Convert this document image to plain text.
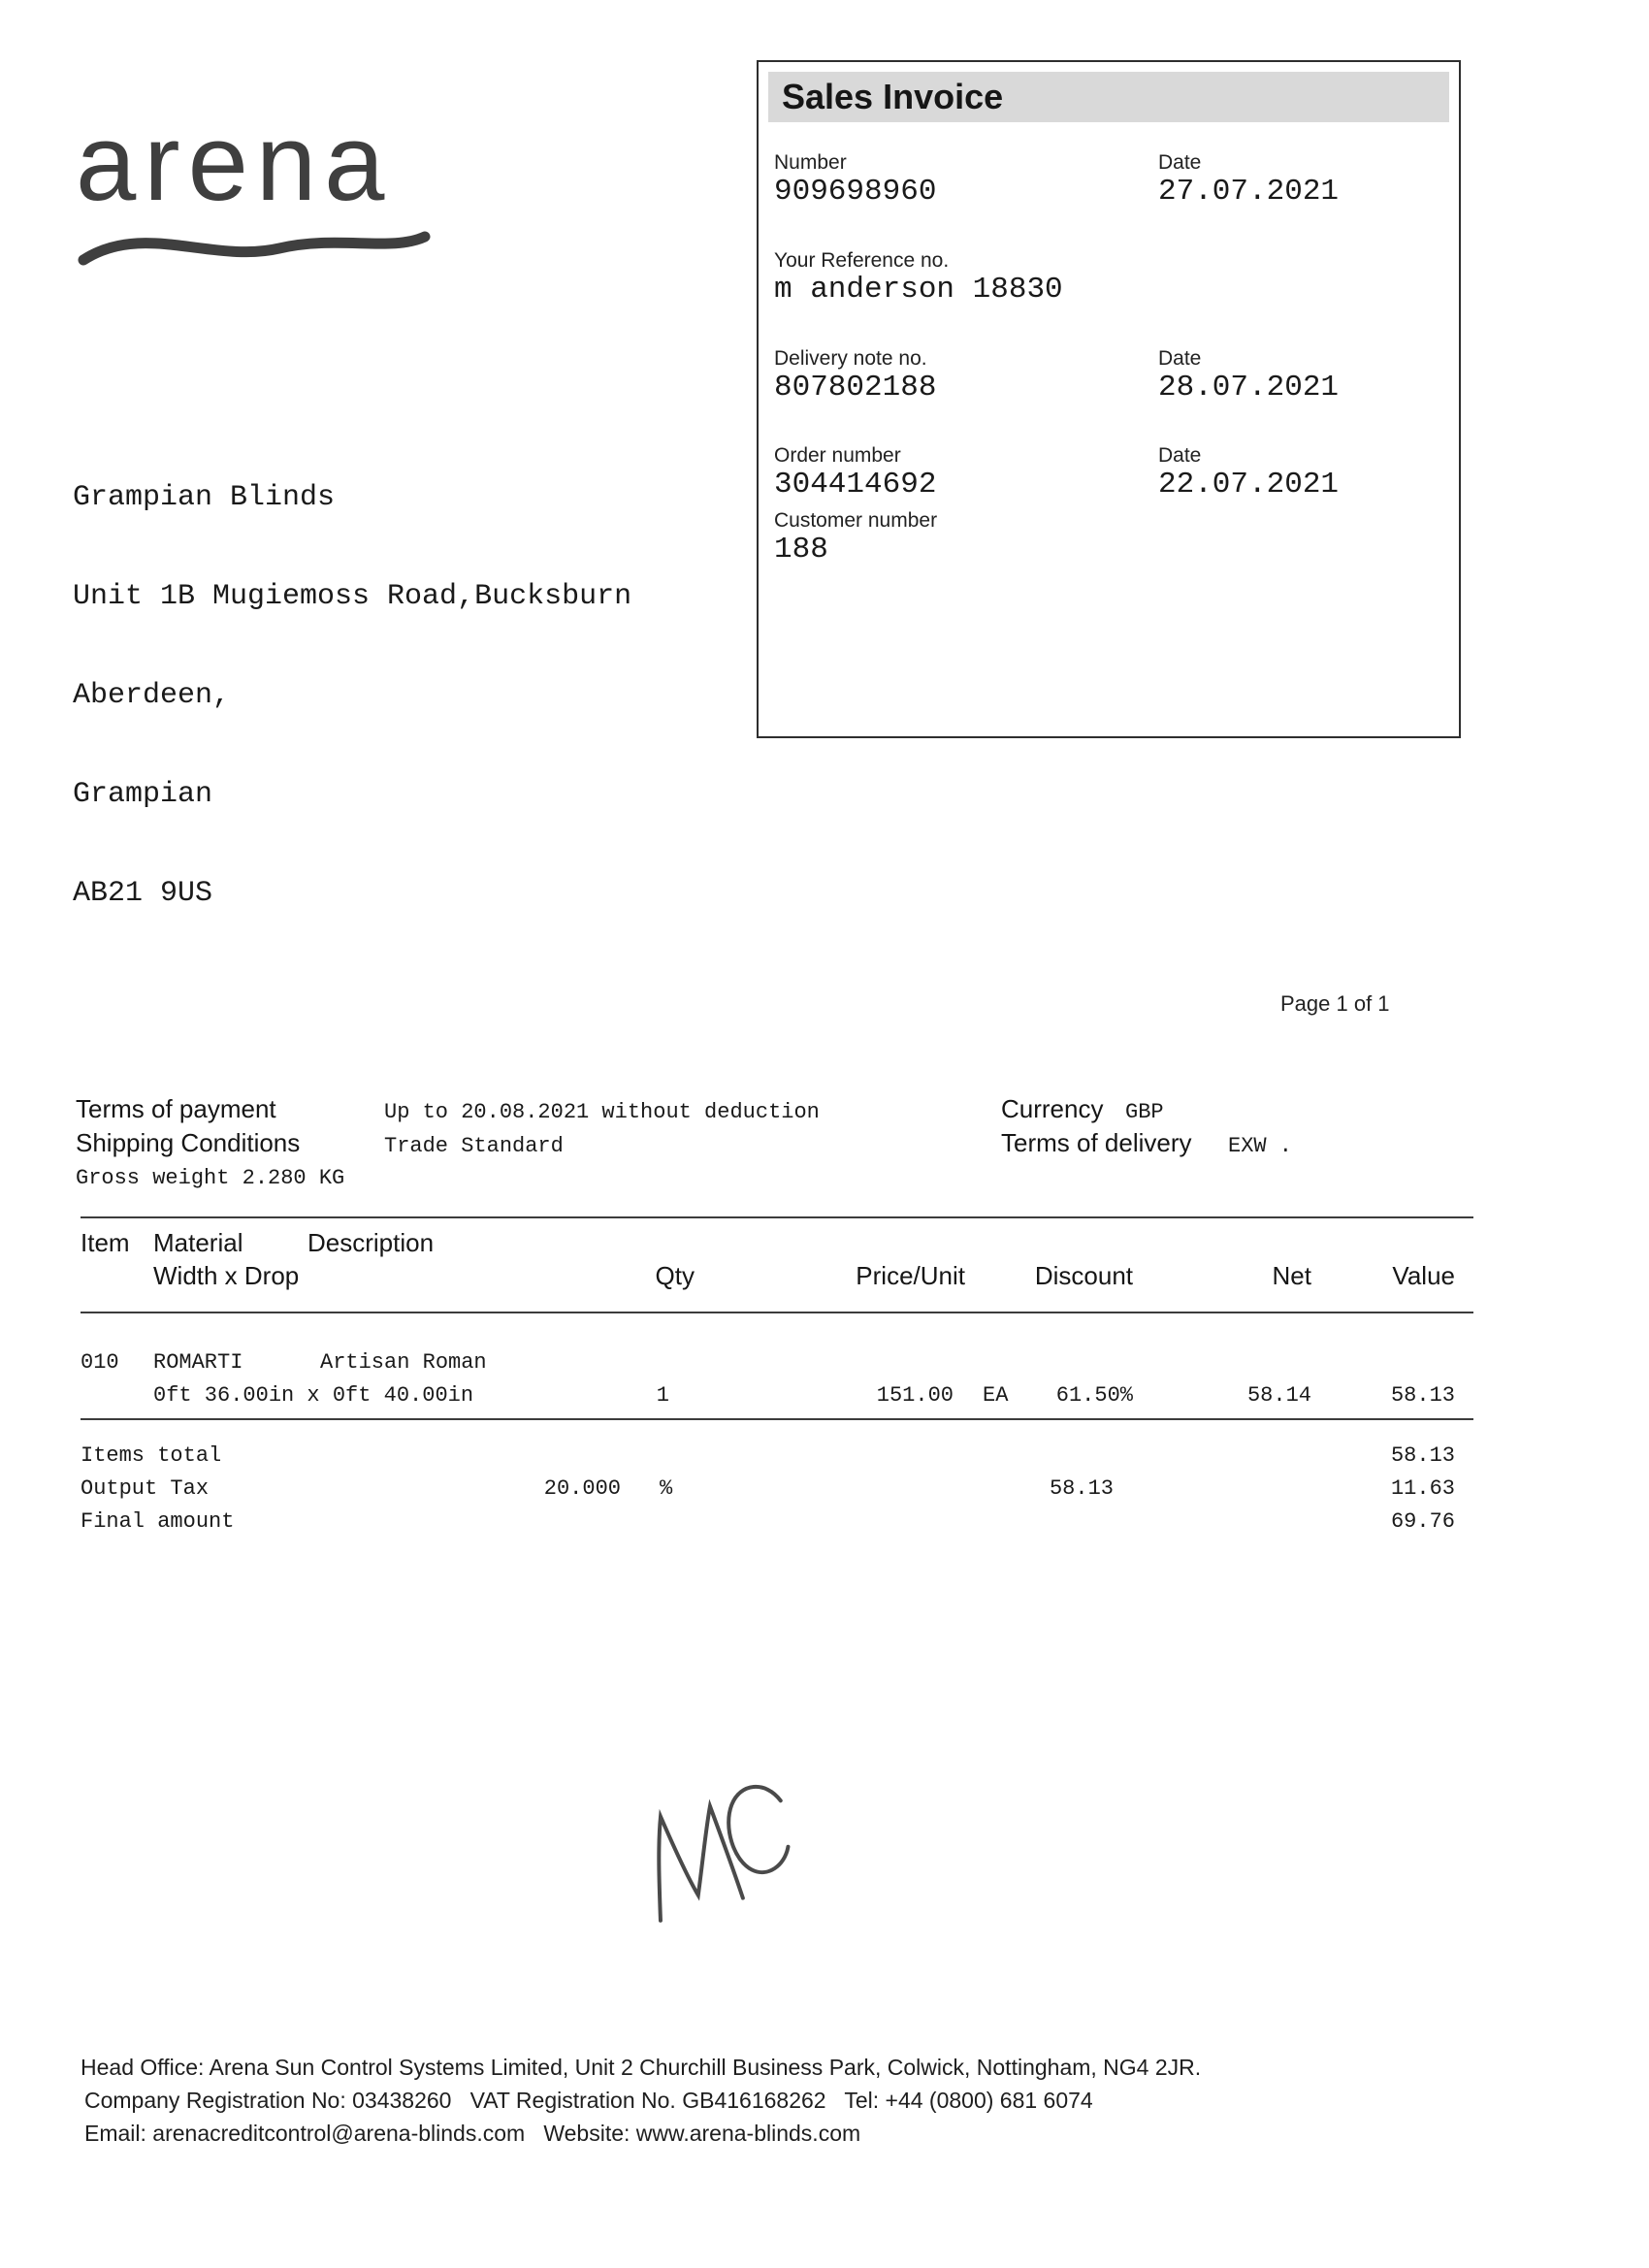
arena
Sales Invoice
Number
909698960
Date
27.07.2021
Your Reference no.
m anderson 18830
Delivery note no.
807802188
Date
28.07.2021
Order number
304414692
Date
22.07.2021
Customer number
188

Grampian Blinds

Unit 1B Mugiemoss Road,Bucksburn

Aberdeen,

Grampian

AB21 9US

Page 1 of 1
Terms of payment	Up to 20.08.2021 without deduction
Shipping Conditions	Trade Standard
Gross weight 2.280 KG
Currency GBP
Terms of delivery EXW .
Item Material	Description
Width x Drop	Qty	Price/Unit	Discount	Net	Value
010 ROMARTI	Artisan Roman
0ft 36.00in x 0ft 40.00in	1	151.00 EA	61.50%	58.14	58.13
Items total	58.13
Output Tax	20.000 %	58.13	11.63
Final amount	69.76
Head Office: Arena Sun Control Systems Limited, Unit 2 Churchill Business Park, Colwick, Nottingham, NG4 2JR.
Company Registration No: 03438260   VAT Registration No. GB416168262   Tel: +44 (0800) 681 6074
Email: arenacreditcontrol@arena-blinds.com   Website: www.arena-blinds.com
